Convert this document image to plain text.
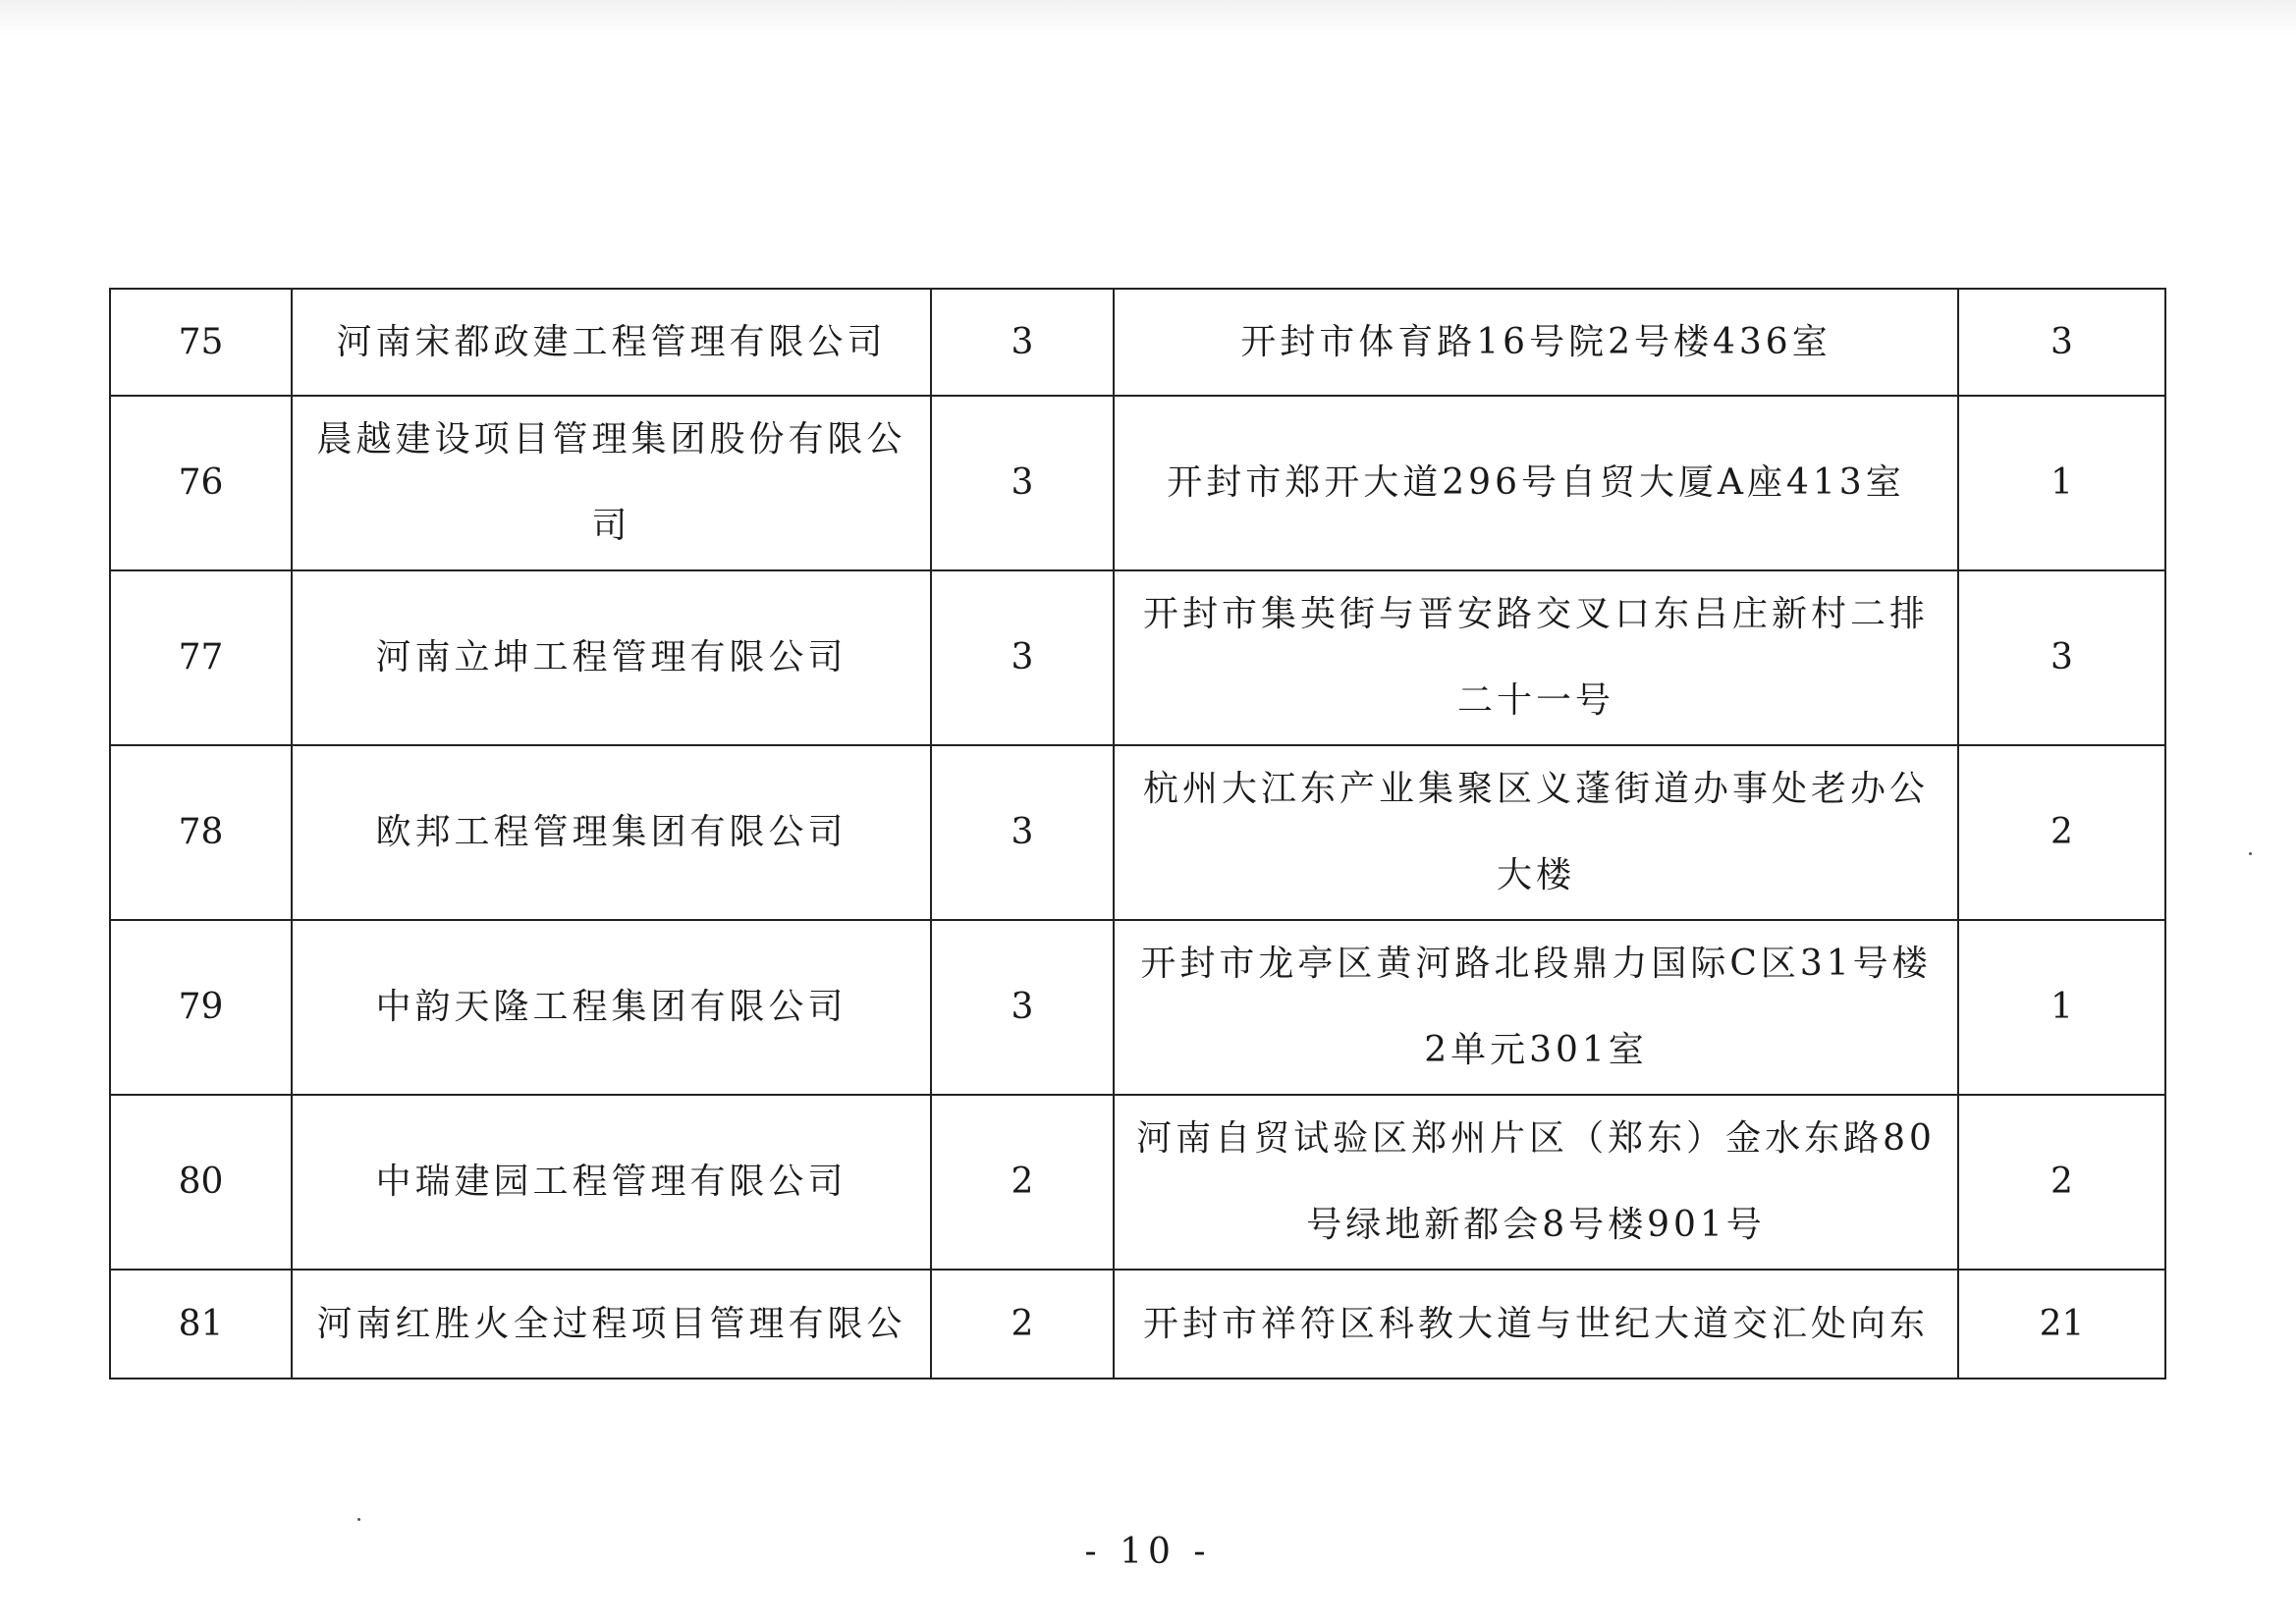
75	河南宋都政建工程管理有限公司	3	开封市体育路16号院2号楼436室	3
76	晨越建设项目管理集团股份有限公司	3	开封市郑开大道296号自贸大厦A座413室	1
77	河南立坤工程管理有限公司	3	开封市集英街与晋安路交叉口东吕庄新村二排二十一号	3
78	欧邦工程管理集团有限公司	3	杭州大江东产业集聚区义蓬街道办事处老办公大楼	2
79	中韵天隆工程集团有限公司	3	开封市龙亭区黄河路北段鼎力国际C区31号楼2单元301室	1
80	中瑞建园工程管理有限公司	2	河南自贸试验区郑州片区（郑东）金水东路80号绿地新都会8号楼901号	2
81	河南红胜火全过程项目管理有限公	2	开封市祥符区科教大道与世纪大道交汇处向东	21
- 10 -
